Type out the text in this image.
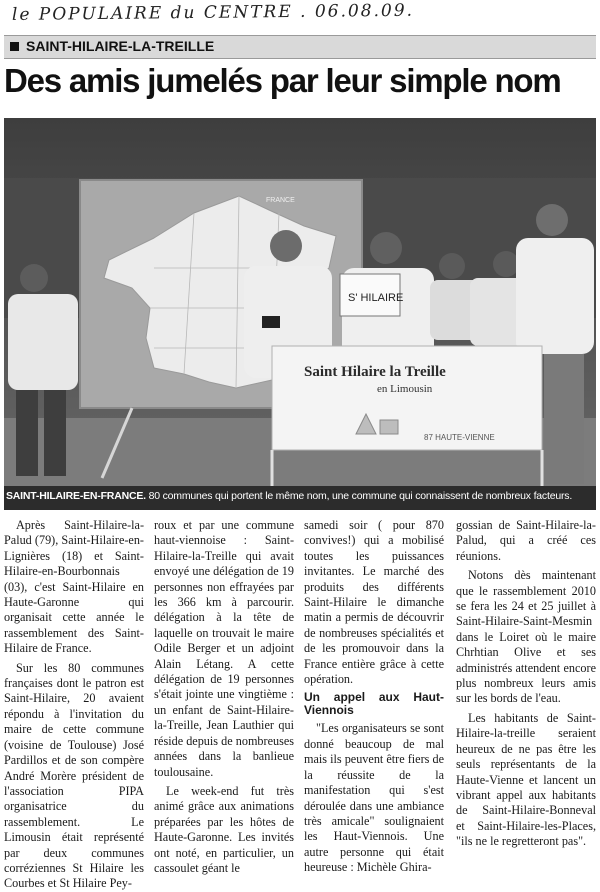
le POPULAIRE du CENTRE . 06.08.09.
SAINT-HILAIRE-LA-TREILLE
Des amis jumelés par leur simple nom
FRANCE
S' HILAIRE
Saint Hilaire la Treille
en Limousin
87 HAUTE-VIENNE
SAINT-HILAIRE-EN-FRANCE. 80 communes qui portent le même nom, une commune qui connaissent de nombreux facteurs.

Après Saint-Hilaire-la-Palud (79), Saint-Hilaire-en-Lignières (18) et Saint-Hilaire-en-Bourbonnais (03), c'est Saint-Hilaire en Haute-Garonne qui organisait cette année le rassemblement des Saint-Hilaire de France.

Sur les 80 communes françaises dont le patron est Saint-Hilaire, 20 avaient répondu à l'invitation du maire de cette commune (voisine de Toulouse) José Pardillos et de son compère André Morère président de l'association PIPA organisatrice du rassemblement. Le Limousin était représenté par deux communes corréziennes St Hilaire les Courbes et St Hilaire Pey-

roux et par une commune haut-viennoise : Saint-Hilaire-la-Treille qui avait envoyé une délégation de 19 personnes non effrayées par les 366 km à parcourir. délégation à la tête de laquelle on trouvait le maire Odile Berger et un adjoint Alain Létang. A cette délégation de 19 personnes s'était jointe une vingtième : un enfant de Saint-Hilaire-la-Treille, Jean Lauthier qui réside depuis de nombreuses années dans la banlieue toulousaine.

Le week-end fut très animé grâce aux animations préparées par les hôtes de Haute-Garonne. Les invités ont noté, en particulier, un cassoulet géant le

samedi soir ( pour 870 convives!) qui a mobilisé toutes les puissances invitantes. Le marché des produits des différents Saint-Hilaire le dimanche matin a permis de découvrir de nombreuses spécialités et de les promouvoir dans la France entière grâce à cette opération.

Un appel aux Haut-Viennois

"Les organisateurs se sont donné beaucoup de mal mais ils peuvent être fiers de la réussite de la manifestation qui s'est déroulée dans une ambiance très amicale" soulignaient les Haut-Viennois. Une autre personne qui était heureuse : Michèle Ghira-

gossian de Saint-Hilaire-la-Palud, qui a créé ces réunions.

Notons dès maintenant que le rassemblement 2010 se fera les 24 et 25 juillet à Saint-Hilaire-Saint-Mesmin dans le Loiret où le maire Chrhtian Olive et ses administrés attendent encore plus nombreux leurs amis sur les bords de l'eau.

Les habitants de Saint-Hilaire-la-treille seraient heureux de ne pas être les seuls représentants de la Haute-Vienne et lancent un vibrant appel aux habitants de Saint-Hilaire-Bonneval et Saint-Hilaire-les-Places, "ils ne le regretteront pas".
